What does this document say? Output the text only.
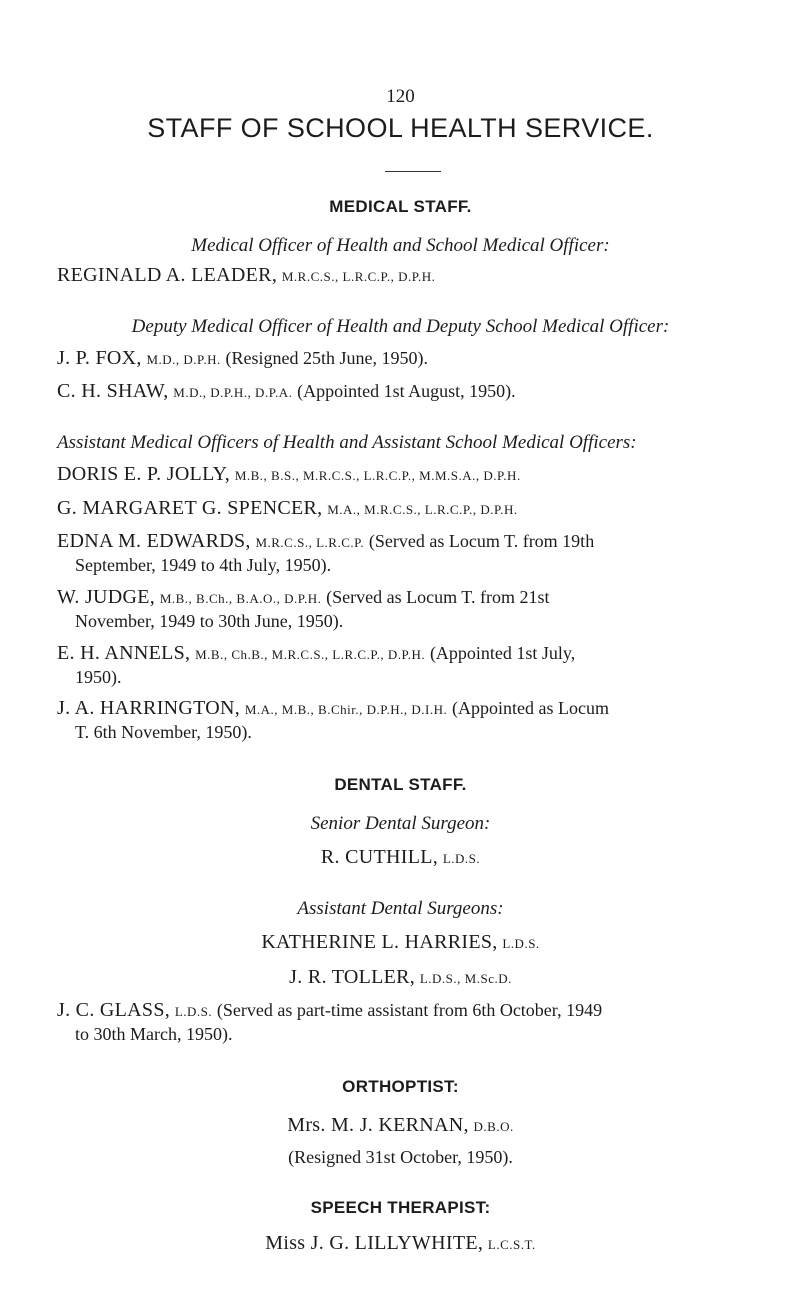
120
STAFF OF SCHOOL HEALTH SERVICE.
MEDICAL STAFF.
Medical Officer of Health and School Medical Officer:
REGINALD A. LEADER, M.R.C.S., L.R.C.P., D.P.H.
Deputy Medical Officer of Health and Deputy School Medical Officer:
J. P. FOX, M.D., D.P.H. (Resigned 25th June, 1950).
C. H. SHAW, M.D., D.P.H., D.P.A. (Appointed 1st August, 1950).
Assistant Medical Officers of Health and Assistant School Medical Officers:
DORIS E. P. JOLLY, M.B., B.S., M.R.C.S., L.R.C.P., M.M.S.A., D.P.H.
G. MARGARET G. SPENCER, M.A., M.R.C.S., L.R.C.P., D.P.H.
EDNA M. EDWARDS, M.R.C.S., L.R.C.P. (Served as Locum T. from 19th
September, 1949 to 4th July, 1950).
W. JUDGE, M.B., B.Ch., B.A.O., D.P.H. (Served as Locum T. from 21st
November, 1949 to 30th June, 1950).
E. H. ANNELS, M.B., Ch.B., M.R.C.S., L.R.C.P., D.P.H. (Appointed 1st July,
1950).
J. A. HARRINGTON, M.A., M.B., B.Chir., D.P.H., D.I.H. (Appointed as Locum
T. 6th November, 1950).
DENTAL STAFF.
Senior Dental Surgeon:
R. CUTHILL, L.D.S.
Assistant Dental Surgeons:
KATHERINE L. HARRIES, L.D.S.
J. R. TOLLER, L.D.S., M.Sc.D.
J. C. GLASS, L.D.S. (Served as part-time assistant from 6th October, 1949
to 30th March, 1950).
ORTHOPTIST:
Mrs. M. J. KERNAN, D.B.O.
(Resigned 31st October, 1950).
SPEECH THERAPIST:
Miss J. G. LILLYWHITE, L.C.S.T.
